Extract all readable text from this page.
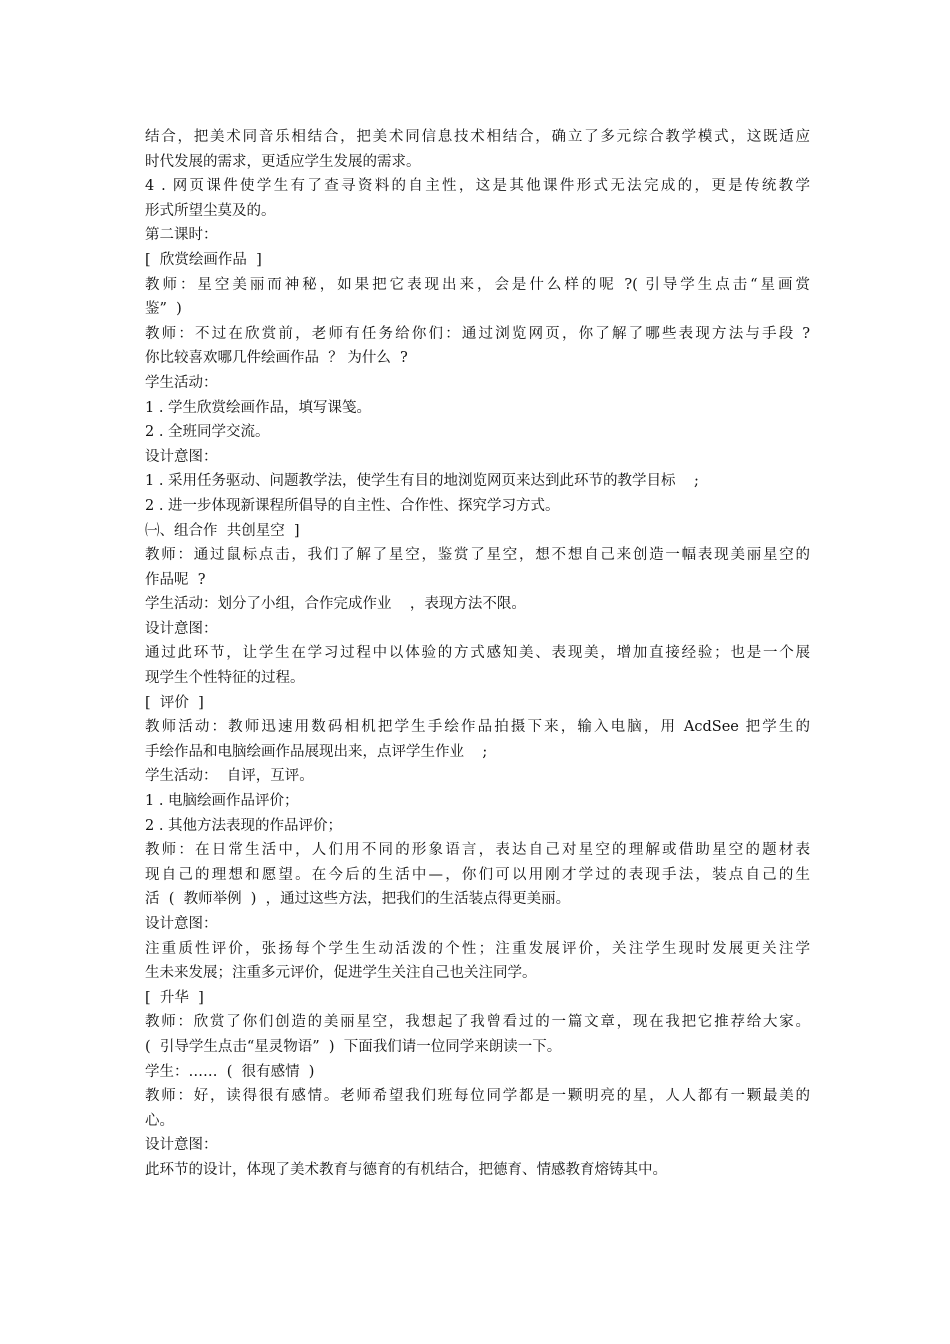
结合，把美术同音乐相结合，把美术同信息技术相结合，确立了多元综合教学模式，这既适应

时代发展的需求，更适应学生发展的需求。

4 . 网页课件使学生有了查寻资料的自主性，这是其他课件形式无法完成的，更是传统教学

形式所望尘莫及的。

第二课时：

[  欣赏绘画作品  ]

教师：星空美丽而神秘，如果把它表现出来，会是什么样的呢 ?( 引导学生点击“星画赏

鉴”  )

教师：不过在欣赏前，老师有任务给你们：通过浏览网页，你了解了哪些表现方法与手段 ?

你比较喜欢哪几件绘画作品  ？ 为什么  ?

学生活动：

1 . 学生欣赏绘画作品，填写课笺。

2 . 全班同学交流。

设计意图：

1 . 采用任务驱动、问题教学法，使学生有目的地浏览网页来达到此环节的教学目标    ;

2 . 进一步体现新课程所倡导的自主性、合作性、探究学习方式。

㈠、组合作  共创星空  ]

教师：通过鼠标点击，我们了解了星空，鉴赏了星空，想不想自己来创造一幅表现美丽星空的

作品呢  ?

学生活动：划分了小组，合作完成作业    ，表现方法不限。

设计意图：

通过此环节，让学生在学习过程中以体验的方式感知美、表现美，增加直接经验；也是一个展

现学生个性特征的过程。

[  评价  ]

教师活动：教师迅速用数码相机把学生手绘作品拍摄下来，输入电脑，用 AcdSee 把学生的

手绘作品和电脑绘画作品展现出来，点评学生作业    ;

学生活动：  自评，互评。

1 . 电脑绘画作品评价；

2 . 其他方法表现的作品评价；

教师：在日常生活中，人们用不同的形象语言，表达自己对星空的理解或借助星空的题材表

现自己的理想和愿望。在今后的生活中—，你们可以用刚才学过的表现手法，装点自己的生

活  (  教师举例  )  ，通过这些方法，把我们的生活装点得更美丽。

设计意图：

注重质性评价，张扬每个学生生动活泼的个性；注重发展评价，关注学生现时发展更关注学

生未来发展；注重多元评价，促进学生关注自己也关注同学。

[  升华  ]

教师：欣赏了你们创造的美丽星空，我想起了我曾看过的一篇文章，现在我把它推荐给大家。

(  引导学生点击“星灵物语”  )  下面我们请一位同学来朗读一下。

学生：……  (  很有感情  )

教师：好，读得很有感情。老师希望我们班每位同学都是一颗明亮的星，人人都有一颗最美的

心。

设计意图：

此环节的设计，体现了美术教育与德育的有机结合，把德育、情感教育熔铸其中。
